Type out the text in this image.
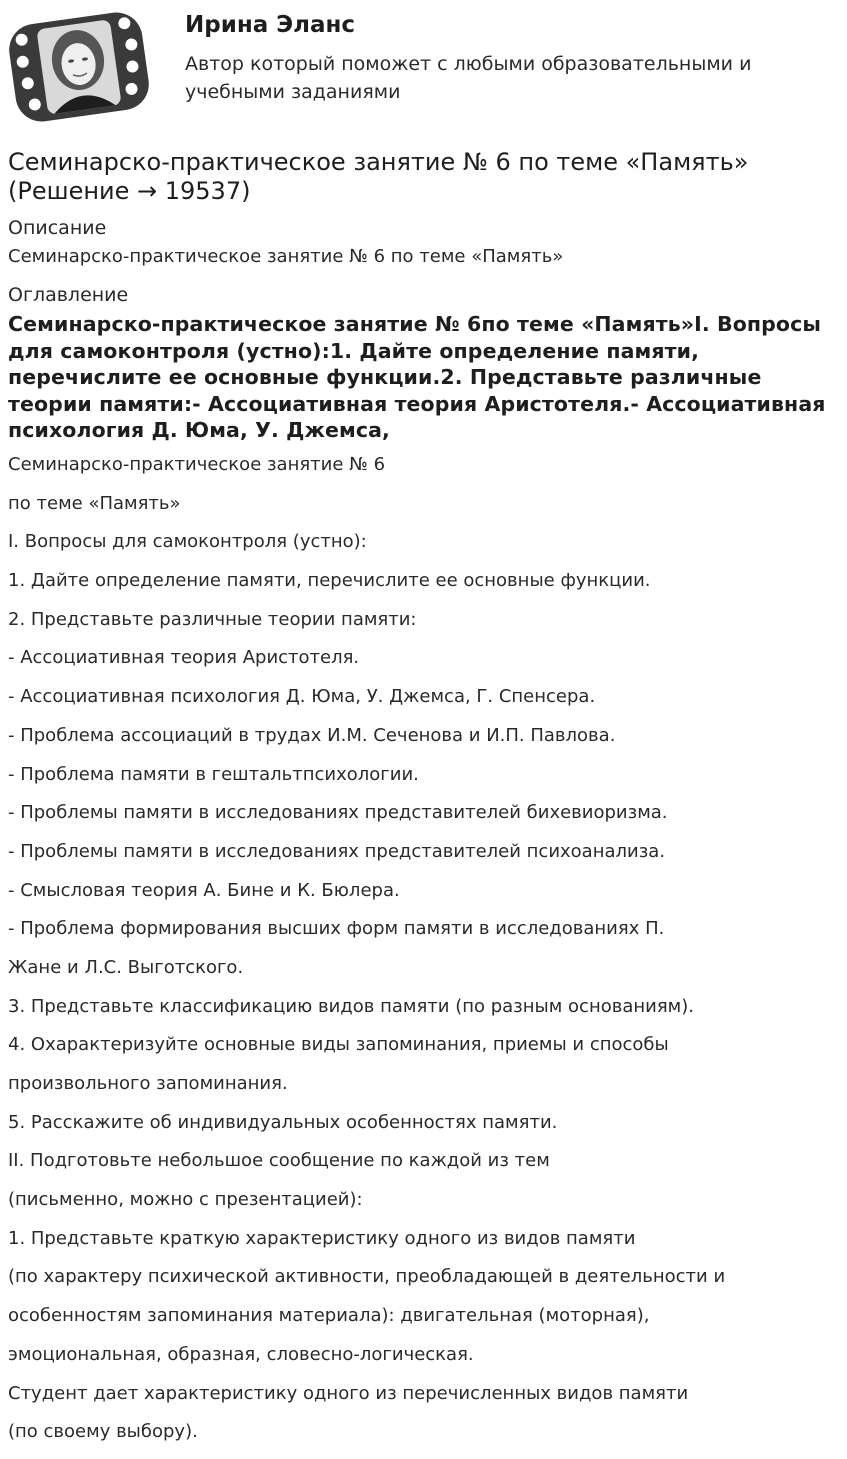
Ирина Эланс
Автор который поможет с любыми образовательными и учебными заданиями
Семинарско-практическое занятие № 6 по теме «Память» (Решение → 19537)
Описание
Семинарско-практическое занятие № 6 по теме «Память»
Оглавление
Семинарско-практическое занятие № 6по теме «Память»I. Вопросы для самоконтроля (устно):1. Дайте определение памяти, перечислите ее основные функции.2. Представьте различные теории памяти:- Ассоциативная теория Аристотеля.- Ассоциативная психология Д. Юма, У. Джемса,
Семинарско-практическое занятие № 6
по теме «Память»
I. Вопросы для самоконтроля (устно):
1. Дайте определение памяти, перечислите ее основные функции.
2. Представьте различные теории памяти:
- Ассоциативная теория Аристотеля.
- Ассоциативная психология Д. Юма, У. Джемса, Г. Спенсера.
- Проблема ассоциаций в трудах И.М. Сеченова и И.П. Павлова.
- Проблема памяти в гештальтпсихологии.
- Проблемы памяти в исследованиях представителей бихевиоризма.
- Проблемы памяти в исследованиях представителей психоанализа.
- Смысловая теория А. Бине и К. Бюлера.
- Проблема формирования высших форм памяти в исследованиях П.
Жане и Л.С. Выготского.
3. Представьте классификацию видов памяти (по разным основаниям).
4. Охарактеризуйте основные виды запоминания, приемы и способы
произвольного запоминания.
5. Расскажите об индивидуальных особенностях памяти.
II. Подготовьте небольшое сообщение по каждой из тем
(письменно, можно с презентацией):
1. Представьте краткую характеристику одного из видов памяти
(по характеру психической активности, преобладающей в деятельности и
особенностям запоминания материала): двигательная (моторная),
эмоциональная, образная, словесно-логическая.
Студент дает характеристику одного из перечисленных видов памяти
(по своему выбору).
